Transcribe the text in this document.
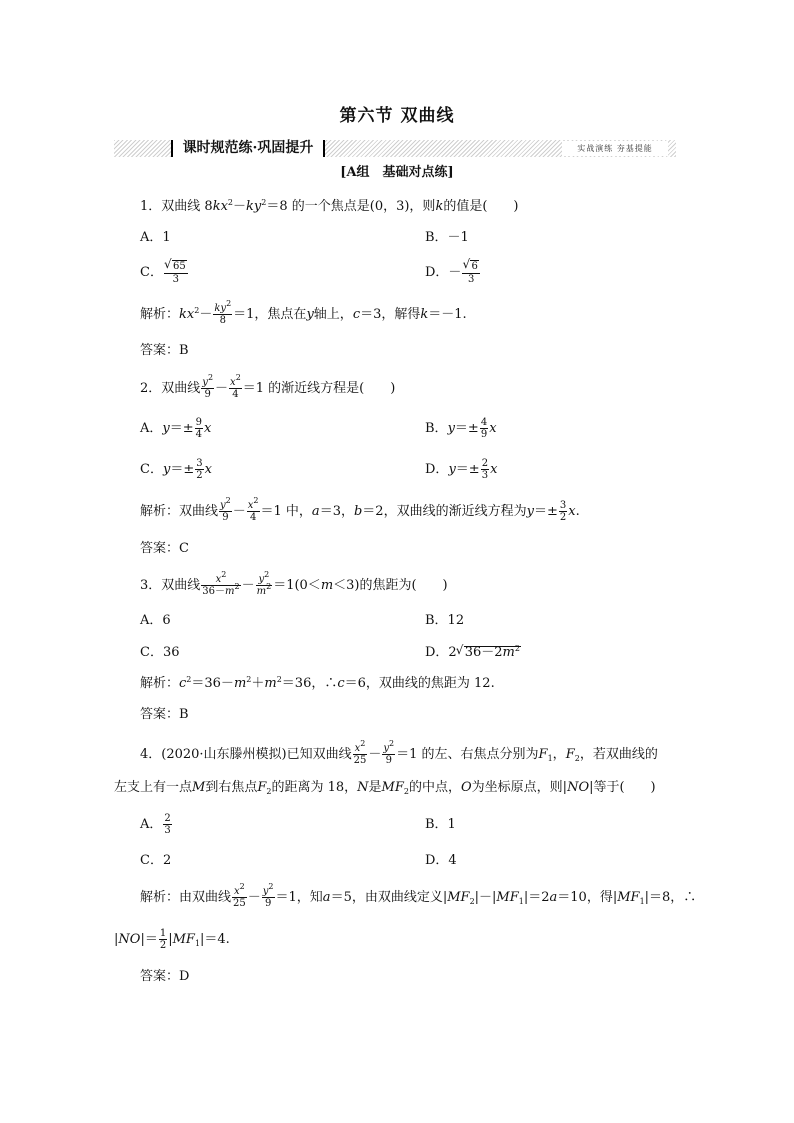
第六节 双曲线
课时规范练·巩固提升	实战演练 夯基提能
[A组　基础对点练]
1．双曲线 $8kx^2-ky^2=8$ 的一个焦点是(0，3)，则k的值是(　　)
A．1	B．－1
C． √ $\frac{65}{3}$	D．－ √ $\frac{6}{3}$
解析：$kx^2- \frac{ky^2}{8} =1$，焦点在y轴上，c＝3，解得k＝－1.
答案：B
2．双曲线 $\frac{y^2}{9} - \frac{x^2}{4} =1$ 的渐近线方程是(　　)
A．$y=\pm \frac{9}{4}$ x	B．$y=\pm \frac{4}{9}$ x
C．$y=\pm \frac{3}{2}$ x	D．$y=\pm \frac{2}{3}$ x
解析：双曲线 $\frac{y^2}{9} - \frac{x^2}{4} =1$ 中，a＝3，b＝2，双曲线的渐近线方程为$y=\pm \frac{3}{2} x$.
答案：C
3．双曲线 $\frac{x^2}{36-m^2} - \frac{y^2}{m^2} =1(0<m<3)$的焦距为(　　)
A．6	B．12
C．36	D．2 √ $36-2m^2$
解析：$c^2=36-m^2+m^2=36$，∴c＝6，双曲线的焦距为 12.
答案：B
4．(2020·山东滕州模拟)已知双曲线 $\frac{x^2}{25} - \frac{y^2}{9} =1$ 的左、右焦点分别为$F_1$，$F_2$，若双曲线的
左支上有一点M到右焦点$F_2$的距离为 18，N是$MF_2$的中点，O为坐标原点，则|NO|等于(　　)
A． $\frac{2}{3}$	B．1
C．2	D．4
解析：由双曲线 $\frac{x^2}{25} - \frac{y^2}{9} =1$，知a＝5，由双曲线定义$|MF_2|-|MF_1|=2a=10$，得$|MF_1|=8$，∴
$|NO|= \frac{1}{2} |MF_1|=4$.
答案：D
